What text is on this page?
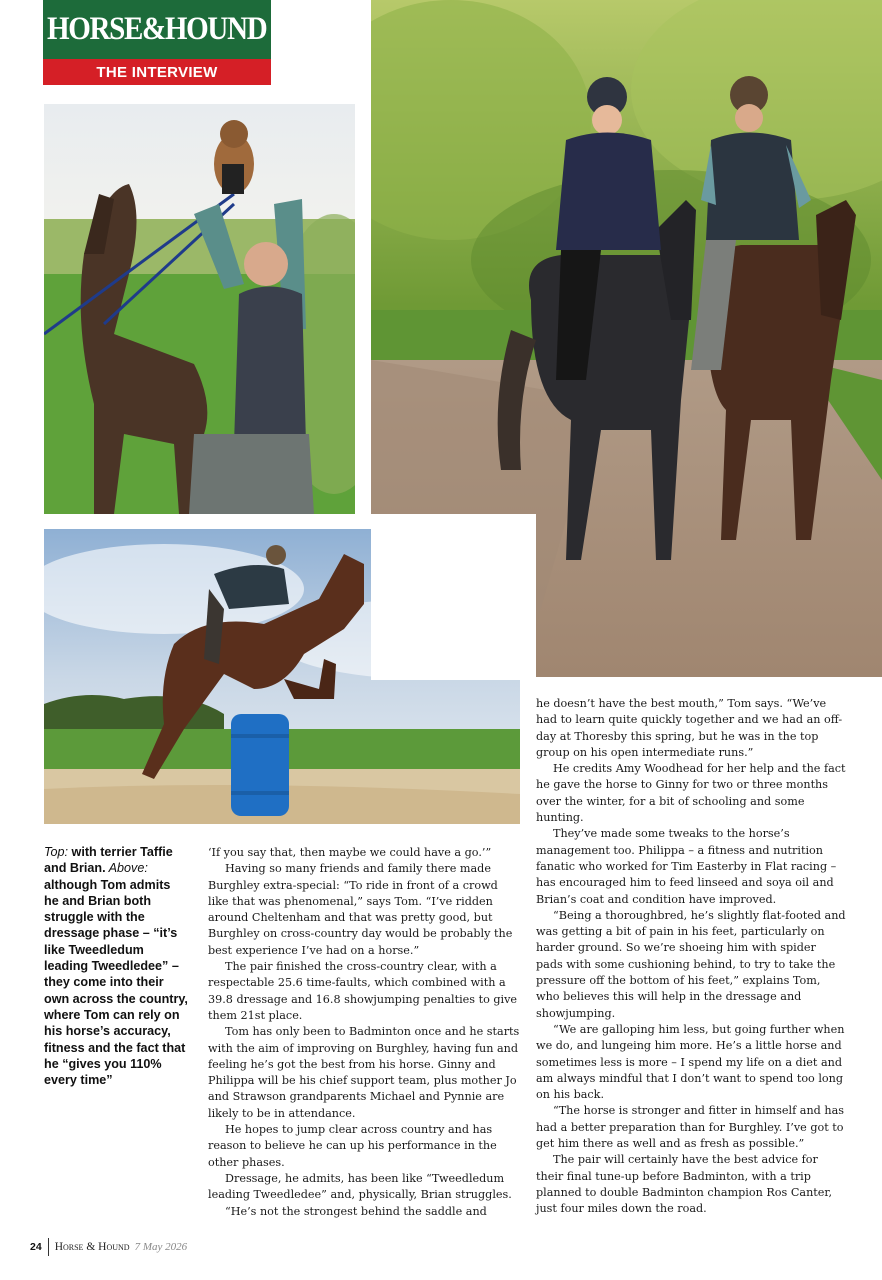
HORSE&HOUND
THE INTERVIEW
Top: with terrier Taffie and Brian. Above: although Tom admits he and Brian both struggle with the dressage phase – “it’s like Tweedledum leading Tweedledee” – they come into their own across the country, where Tom can rely on his horse’s accuracy, fitness and the fact that he “gives you 110% every time”

‘If you say that, then maybe we could have a go.’”

Having so many friends and family there made Burghley extra-special: “To ride in front of a crowd like that was phenomenal,” says Tom. “I’ve ridden around Cheltenham and that was pretty good, but Burghley on cross-country day would be probably the best experience I’ve had on a horse.”

The pair finished the cross-country clear, with a respectable 25.6 time-faults, which combined with a 39.8 dressage and 16.8 showjumping penalties to give them 21st place.

Tom has only been to Badminton once and he starts with the aim of improving on Burghley, having fun and feeling he’s got the best from his horse. Ginny and Philippa will be his chief support team, plus mother Jo and Strawson grandparents Michael and Pynnie are likely to be in attendance.

He hopes to jump clear across country and has reason to believe he can up his performance in the other phases.

Dressage, he admits, has been like “Tweedledum leading Tweedledee” and, physically, Brian struggles.

“He’s not the strongest behind the saddle and

he doesn’t have the best mouth,” Tom says. “We’ve had to learn quite quickly together and we had an off-day at Thoresby this spring, but he was in the top group on his open intermediate runs.”

He credits Amy Woodhead for her help and the fact he gave the horse to Ginny for two or three months over the winter, for a bit of schooling and some hunting.

They’ve made some tweaks to the horse’s management too. Philippa – a fitness and nutrition fanatic who worked for Tim Easterby in Flat racing – has encouraged him to feed linseed and soya oil and Brian’s coat and condition have improved.

“Being a thoroughbred, he’s slightly flat-footed and was getting a bit of pain in his feet, particularly on harder ground. So we’re shoeing him with spider pads with some cushioning behind, to try to take the pressure off the bottom of his feet,” explains Tom, who believes this will help in the dressage and showjumping.

“We are galloping him less, but going further when we do, and lungeing him more. He’s a little horse and sometimes less is more – I spend my life on a diet and am always mindful that I don’t want to spend too long on his back.

“The horse is stronger and fitter in himself and has had a better preparation than for Burghley. I’ve got to get him there as well and as fresh as possible.”

The pair will certainly have the best advice for their final tune-up before Badminton, with a trip planned to double Badminton champion Ros Canter, just four miles down the road.

24	Horse & Hound 7 May 2026
